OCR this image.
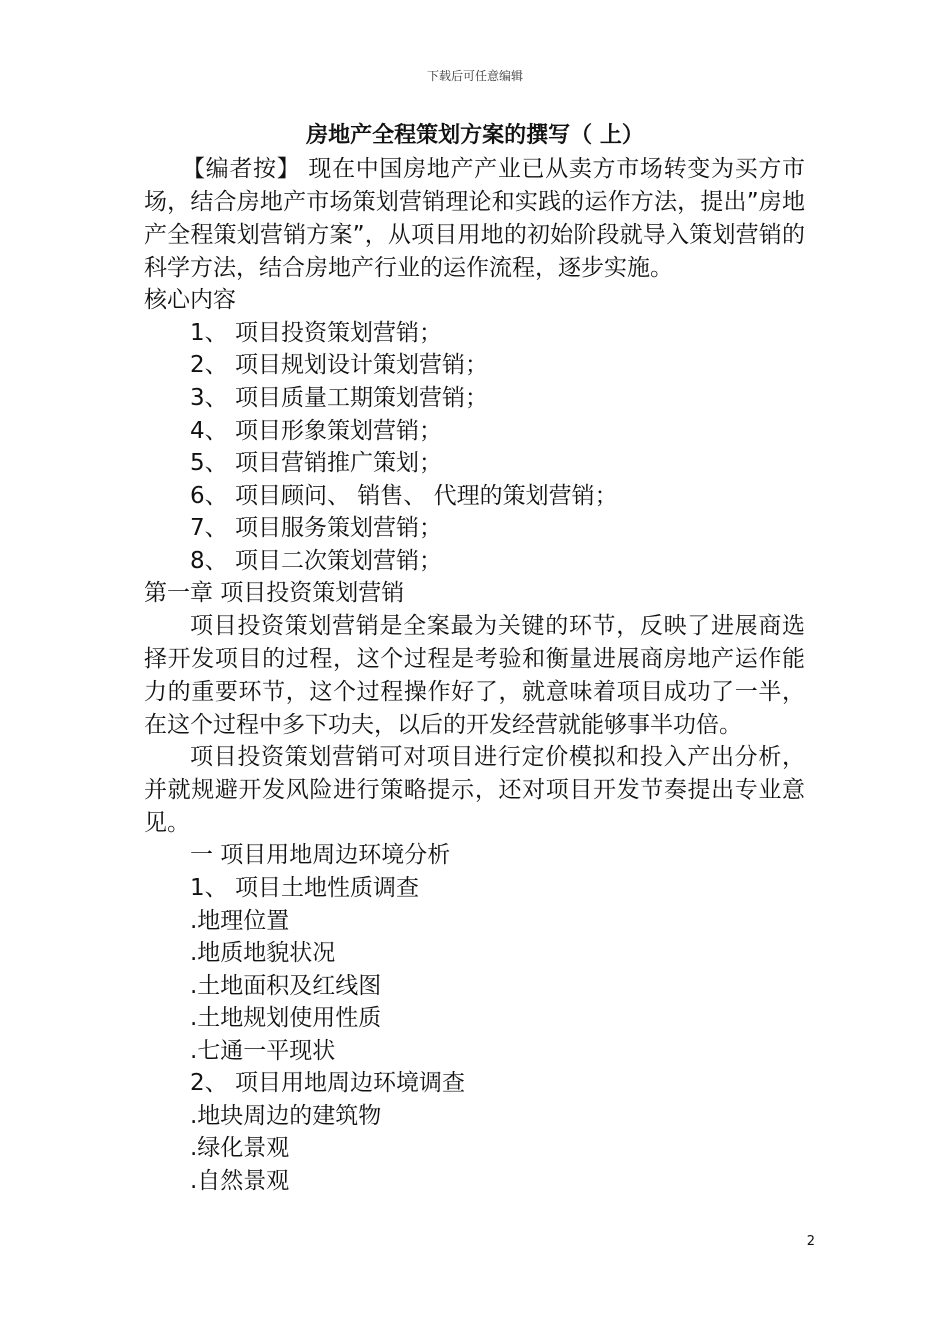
下载后可任意编辑
房地产全程策划方案的撰写（ 上）
【编者按】 现在中国房地产产业已从卖方市场转变为买方市
场，结合房地产市场策划营销理论和实践的运作方法，提出”房地
产全程策划营销方案”，从项目用地的初始阶段就导入策划营销的
科学方法，结合房地产行业的运作流程，逐步实施。
核心内容
1、 项目投资策划营销；
2、 项目规划设计策划营销；
3、 项目质量工期策划营销；
4、 项目形象策划营销；
5、 项目营销推广策划；
6、 项目顾问、 销售、 代理的策划营销；
7、 项目服务策划营销；
8、 项目二次策划营销；
第一章 项目投资策划营销
项目投资策划营销是全案最为关键的环节，反映了进展商选
择开发项目的过程，这个过程是考验和衡量进展商房地产运作能
力的重要环节，这个过程操作好了，就意味着项目成功了一半，
在这个过程中多下功夫，以后的开发经营就能够事半功倍。
项目投资策划营销可对项目进行定价模拟和投入产出分析，
并就规避开发风险进行策略提示，还对项目开发节奏提出专业意
见。
一 项目用地周边环境分析
1、 项目土地性质调查
.地理位置
.地质地貌状况
.土地面积及红线图
.土地规划使用性质
.七通一平现状
2、 项目用地周边环境调查
.地块周边的建筑物
.绿化景观
.自然景观
2
